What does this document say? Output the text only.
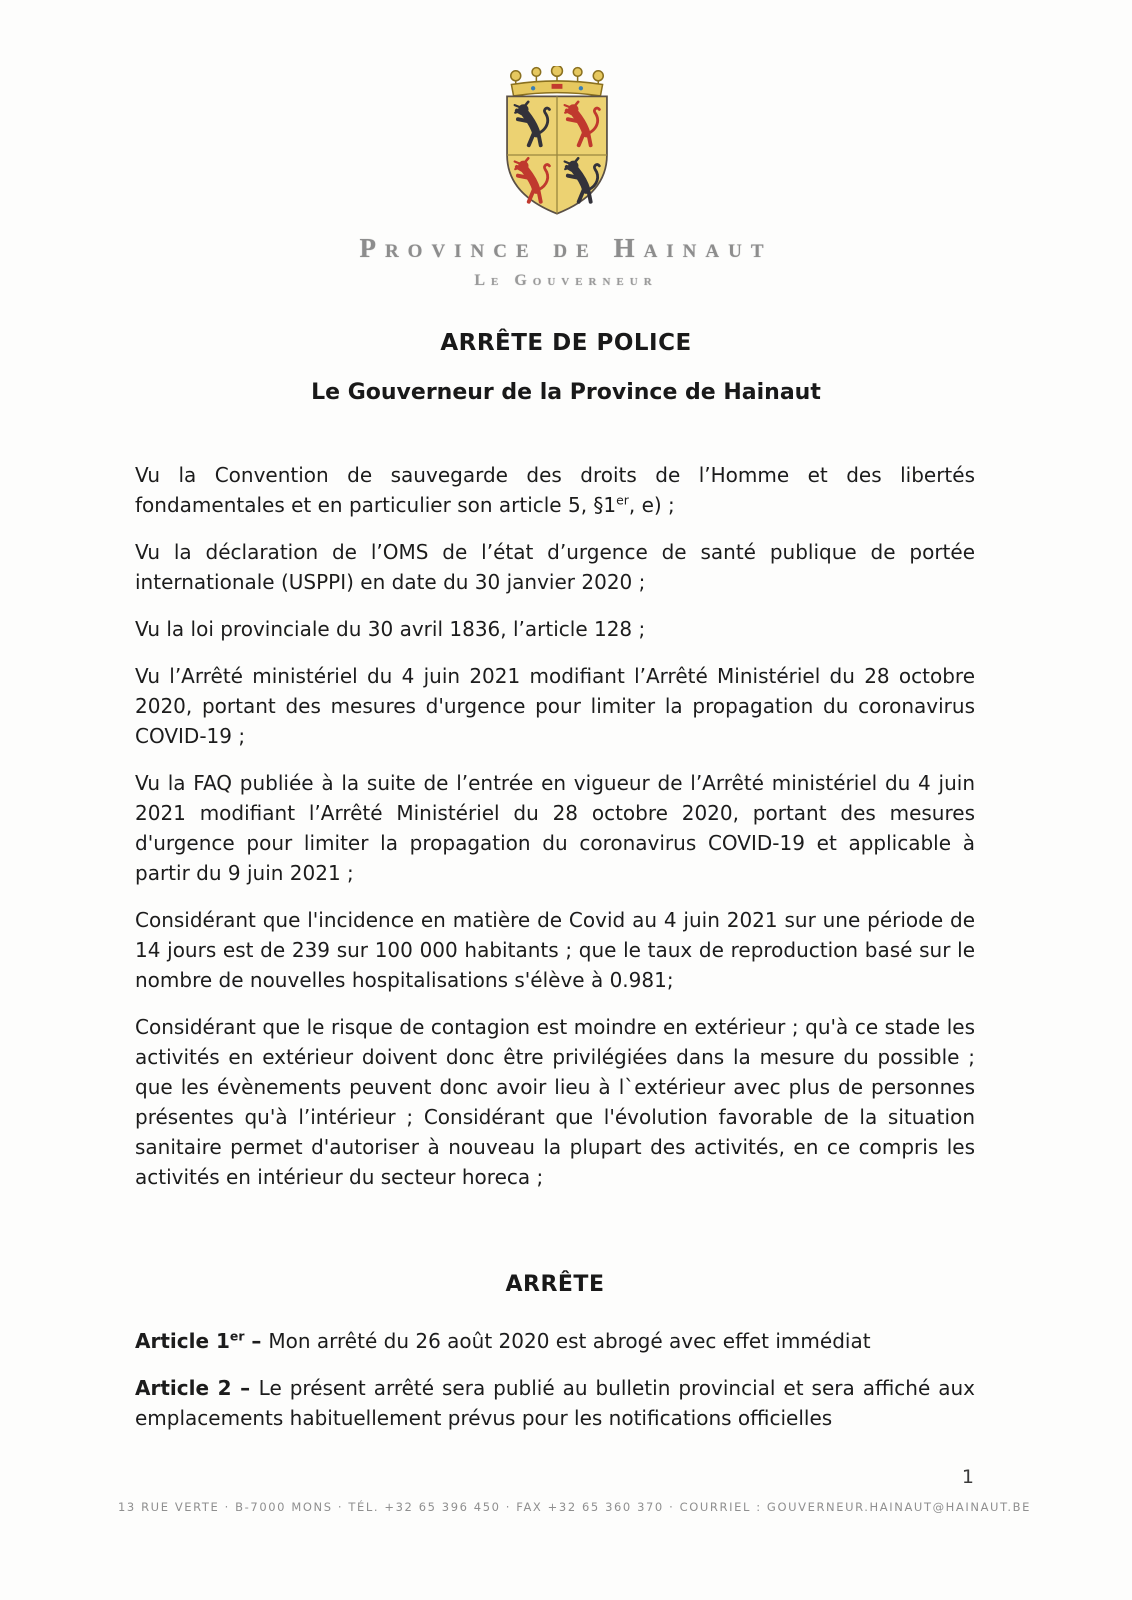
Province de Hainaut
Le Gouverneur
ARRÊTE DE POLICE
Le Gouverneur de la Province de Hainaut

Vu la Convention de sauvegarde des droits de l’Homme et des libertés fondamentales et en particulier son article 5, §1er, e) ;

Vu la déclaration de l’OMS de l’état d’urgence de santé publique de portée internationale (USPPI) en date du 30 janvier 2020 ;

Vu la loi provinciale du 30 avril 1836, l’article 128 ;

Vu l’Arrêté ministériel du 4 juin 2021 modifiant l’Arrêté Ministériel du 28 octobre 2020, portant des mesures d'urgence pour limiter la propagation du coronavirus COVID-19 ;

Vu la FAQ publiée à la suite de l’entrée en vigueur de l’Arrêté ministériel du 4 juin 2021 modifiant l’Arrêté Ministériel du 28 octobre 2020, portant des mesures d'urgence pour limiter la propagation du coronavirus COVID-19 et applicable à partir du 9 juin 2021 ;

Considérant que l'incidence en matière de Covid au 4 juin 2021 sur une période de 14 jours est de 239 sur 100 000 habitants ; que le taux de reproduction basé sur le nombre de nouvelles hospitalisations s'élève à 0.981;

Considérant que le risque de contagion est moindre en extérieur ; qu'à ce stade les activités en extérieur doivent donc être privilégiées dans la mesure du possible ; que les évènements peuvent donc avoir lieu à l`extérieur avec plus de personnes présentes qu'à l’intérieur ; Considérant que l'évolution favorable de la situation sanitaire permet d'autoriser à nouveau la plupart des activités, en ce compris les activités en intérieur du secteur horeca ;

ARRÊTE

Article 1er – Mon arrêté du 26 août 2020 est abrogé avec effet immédiat

Article 2 – Le présent arrêté sera publié au bulletin provincial et sera affiché aux emplacements habituellement prévus pour les notifications officielles

1
13 RUE VERTE · B-7000 MONS · TÉL. +32 65 396 450 · FAX +32 65 360 370 · COURRIEL : GOUVERNEUR.HAINAUT@HAINAUT.BE
